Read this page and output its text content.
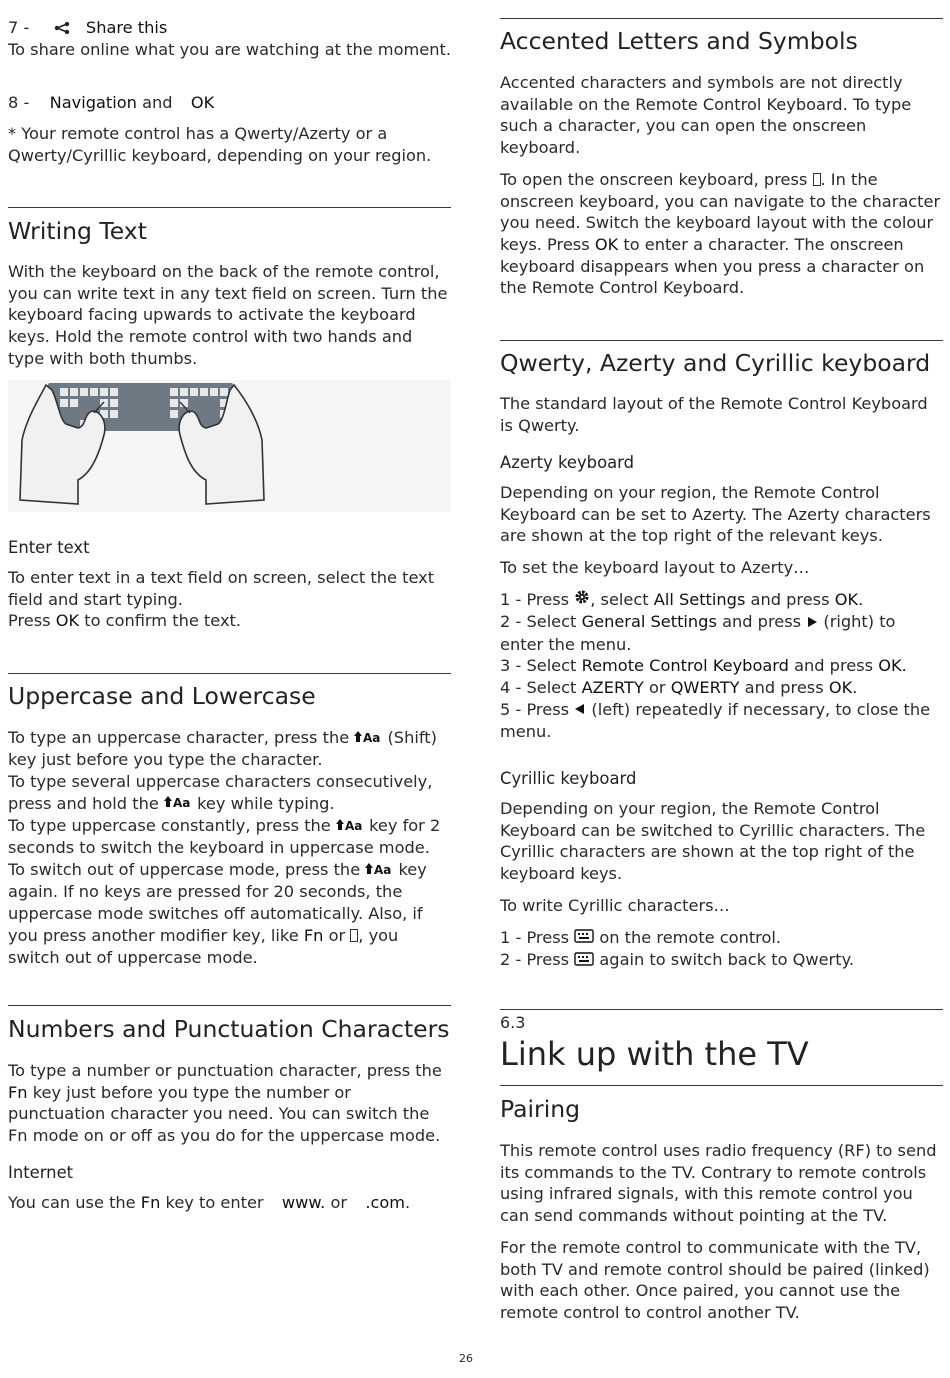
7 -	Share this

To share online what you are watching at the moment.

8 - Navigation and OK

* Your remote control has a Qwerty/Azerty or a Qwerty/Cyrillic keyboard, depending on your region.

Writing Text

With the keyboard on the back of the remote control, you can write text in any text field on screen. Turn the keyboard facing upwards to activate the keyboard keys. Hold the remote control with two hands and type with both thumbs.

Enter text

To enter text in a text field on screen, select the text field and start typing.

Press OK to confirm the text.

Uppercase and Lowercase

To type an uppercase character, press the Aa (Shift) key just before you type the character.
To type several uppercase characters consecutively, press and hold the Aa key while typing.
To type uppercase constantly, press the Aa key for 2 seconds to switch the keyboard in uppercase mode.
To switch out of uppercase mode, press the Aa key again. If no keys are pressed for 20 seconds, the uppercase mode switches off automatically. Also, if you press another modifier key, like Fn or , you switch out of uppercase mode.

Numbers and Punctuation Characters

To type a number or punctuation character, press the Fn key just before you type the number or punctuation character you need. You can switch the Fn mode on or off as you do for the uppercase mode.

Internet

You can use the Fn key to enter www. or .com.

Accented Letters and Symbols

Accented characters and symbols are not directly available on the Remote Control Keyboard. To type such a character, you can open the onscreen keyboard.

To open the onscreen keyboard, press . In the onscreen keyboard, you can navigate to the character you need. Switch the keyboard layout with the colour keys. Press OK to enter a character. The onscreen keyboard disappears when you press a character on the Remote Control Keyboard.

Qwerty, Azerty and Cyrillic keyboard

The standard layout of the Remote Control Keyboard is Qwerty.

Azerty keyboard

Depending on your region, the Remote Control Keyboard can be set to Azerty. The Azerty characters are shown at the top right of the relevant keys.

To set the keyboard layout to Azerty…

1 - Press , select All Settings and press OK.
2 - Select General Settings and press (right) to enter the menu.
3 - Select Remote Control Keyboard and press OK.
4 - Select AZERTY or QWERTY and press OK.
5 - Press (left) repeatedly if necessary, to close the menu.

Cyrillic keyboard

Depending on your region, the Remote Control Keyboard can be switched to Cyrillic characters. The Cyrillic characters are shown at the top right of the keyboard keys.

To write Cyrillic characters…

1 - Press on the remote control.
2 - Press again to switch back to Qwerty.

6.3
Link up with the TV
Pairing

This remote control uses radio frequency (RF) to send its commands to the TV. Contrary to remote controls using infrared signals, with this remote control you can send commands without pointing at the TV.

For the remote control to communicate with the TV, both TV and remote control should be paired (linked) with each other. Once paired, you cannot use the remote control to control another TV.

26
